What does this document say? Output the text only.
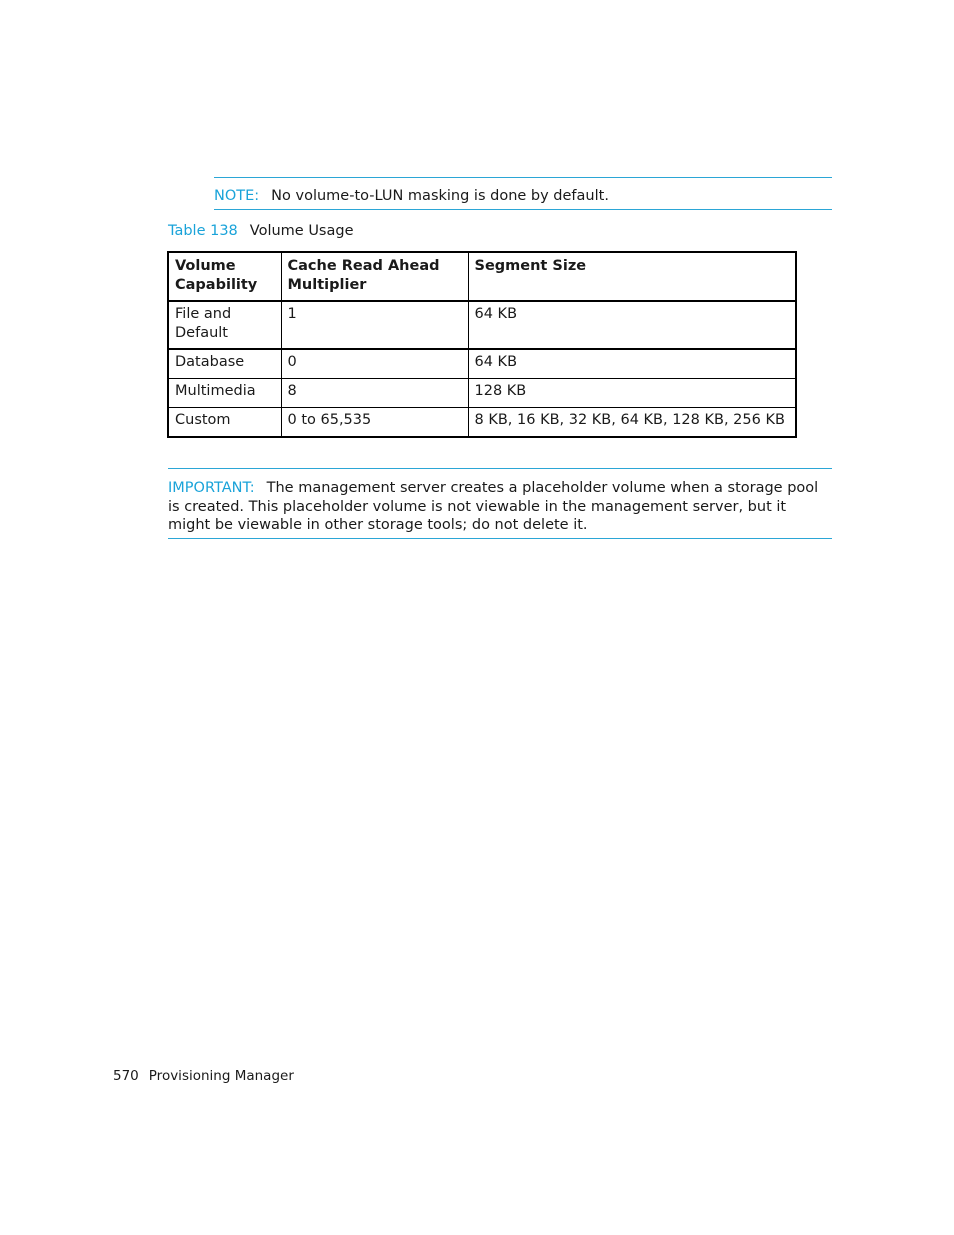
NOTE: No volume-to-LUN masking is done by default.
Table 138 Volume Usage
Volume Capability	Cache Read Ahead Multiplier	Segment Size
File and Default	1	64 KB
Database	0	64 KB
Multimedia	8	128 KB
Custom	0 to 65,535	8 KB, 16 KB, 32 KB, 64 KB, 128 KB, 256 KB
IMPORTANT: The management server creates a placeholder volume when a storage pool is created. This placeholder volume is not viewable in the management server, but it might be viewable in other storage tools; do not delete it.
570 Provisioning Manager
